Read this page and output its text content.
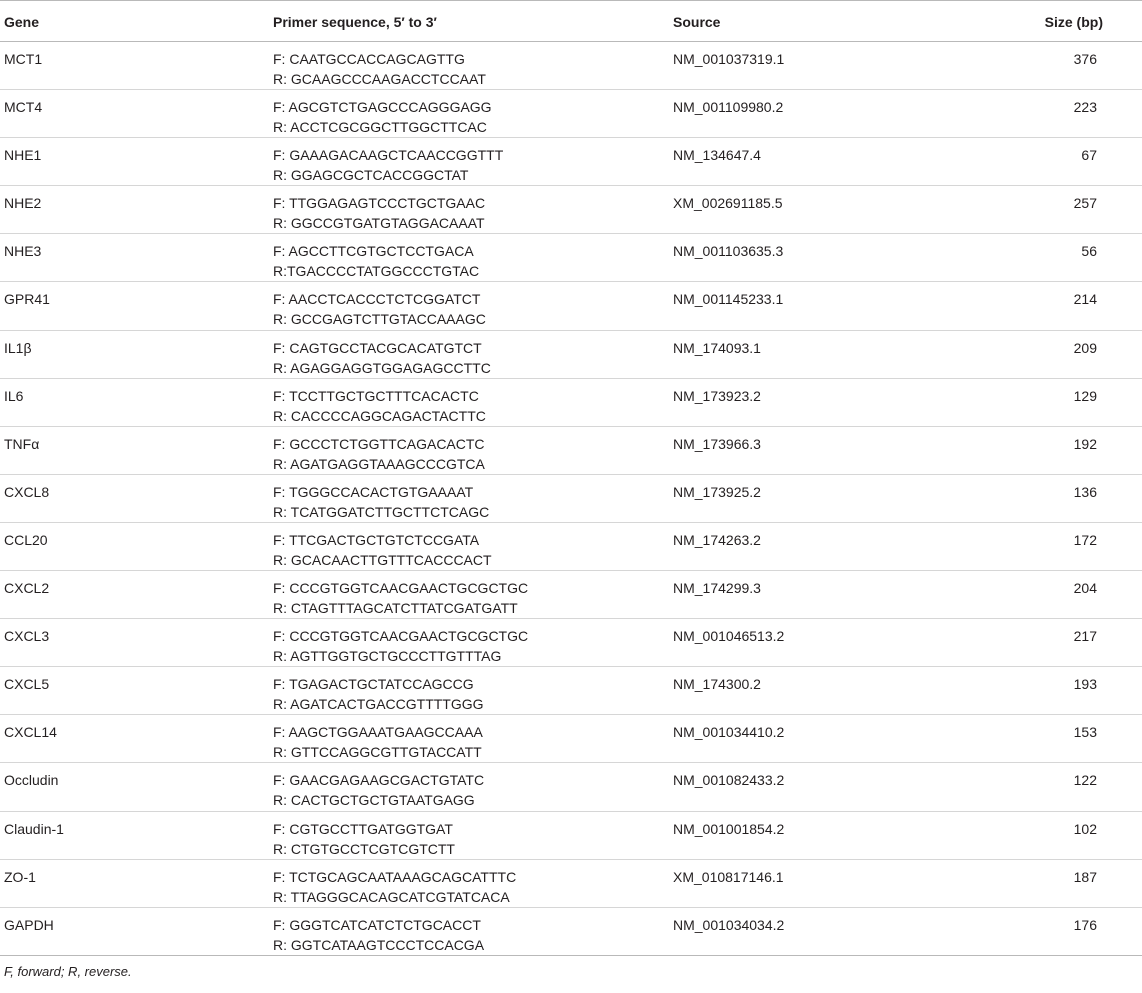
Gene	Primer sequence, 5′ to 3′	Source	Size (bp)
MCT1	F: CAATGCCACCAGCAGTTG
R: GCAAGCCCAAGACCTCCAAT	NM_001037319.1	376
MCT4	F: AGCGTCTGAGCCCAGGGAGG
R: ACCTCGCGGCTTGGCTTCAC	NM_001109980.2	223
NHE1	F: GAAAGACAAGCTCAACCGGTTT
R: GGAGCGCTCACCGGCTAT	NM_134647.4	67
NHE2	F: TTGGAGAGTCCCTGCTGAAC
R: GGCCGTGATGTAGGACAAAT	XM_002691185.5	257
NHE3	F: AGCCTTCGTGCTCCTGACA
R:TGACCCCTATGGCCCTGTAC	NM_001103635.3	56
GPR41	F: AACCTCACCCTCTCGGATCT
R: GCCGAGTCTTGTACCAAAGC	NM_001145233.1	214
IL1β	F: CAGTGCCTACGCACATGTCT
R: AGAGGAGGTGGAGAGCCTTC	NM_174093.1	209
IL6	F: TCCTTGCTGCTTTCACACTC
R: CACCCCAGGCAGACTACTTC	NM_173923.2	129
TNFα	F: GCCCTCTGGTTCAGACACTC
R: AGATGAGGTAAAGCCCGTCA	NM_173966.3	192
CXCL8	F: TGGGCCACACTGTGAAAAT
R: TCATGGATCTTGCTTCTCAGC	NM_173925.2	136
CCL20	F: TTCGACTGCTGTCTCCGATA
R: GCACAACTTGTTTCACCCACT	NM_174263.2	172
CXCL2	F: CCCGTGGTCAACGAACTGCGCTGC
R: CTAGTTTAGCATCTTATCGATGATT	NM_174299.3	204
CXCL3	F: CCCGTGGTCAACGAACTGCGCTGC
R: AGTTGGTGCTGCCCTTGTTTAG	NM_001046513.2	217
CXCL5	F: TGAGACTGCTATCCAGCCG
R: AGATCACTGACCGTTTTGGG	NM_174300.2	193
CXCL14	F: AAGCTGGAAATGAAGCCAAA
R: GTTCCAGGCGTTGTACCATT	NM_001034410.2	153
Occludin	F: GAACGAGAAGCGACTGTATC
R: CACTGCTGCTGTAATGAGG	NM_001082433.2	122
Claudin-1	F: CGTGCCTTGATGGTGAT
R: CTGTGCCTCGTCGTCTT	NM_001001854.2	102
ZO-1	F: TCTGCAGCAATAAAGCAGCATTTC
R: TTAGGGCACAGCATCGTATCACA	XM_010817146.1	187
GAPDH	F: GGGTCATCATCTCTGCACCT
R: GGTCATAAGTCCCTCCACGA	NM_001034034.2	176
F, forward; R, reverse.
